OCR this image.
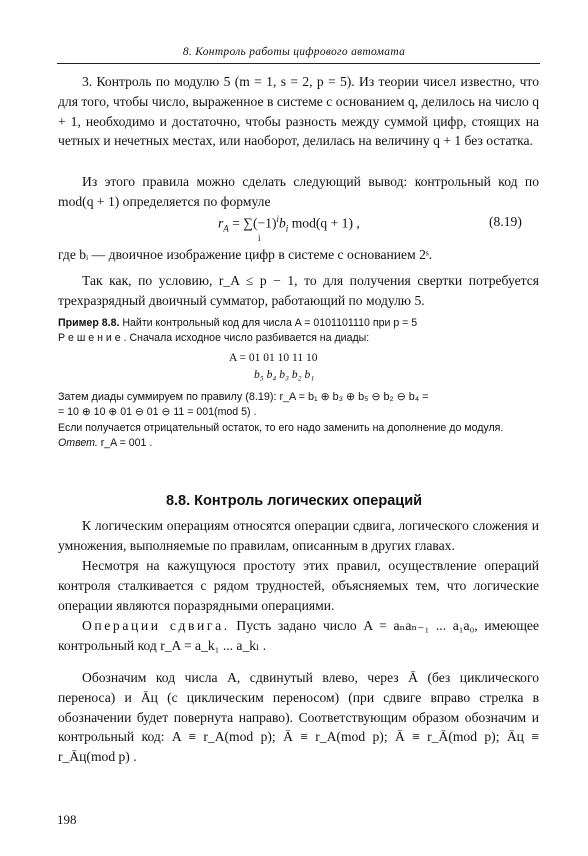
8. Контроль работы цифрового автомата

3. Контроль по модулю 5 (m = 1, s = 2, p = 5). Из теории чисел известно, что для того, чтобы число, выраженное в системе с основанием q, делилось на число q + 1, необходимо и достаточно, чтобы разность между суммой цифр, стоящих на четных и нечетных местах, или наоборот, делилась на величину q + 1 без остатка.

Из этого правила можно сделать следующий вывод: контрольный код по mod(q + 1) определяется по формуле

$r_A = \sum(-1)^ib_i$ mod(q + 1) ,
i
(8.19)

где bᵢ — двоичное изображение цифр в системе с основанием 2ˢ.

Так как, по условию, r_A ≤ p − 1, то для получения свертки потребуется трехразрядный двоичный сумматор, работающий по модулю 5.

Пример 8.8. Найти контрольный код для числа A = 0101101110 при p = 5

Р е ш е н и е . Сначала исходное число разбивается на диады:

A = 01 01 10 11 10
b₅ b₄ b₃ b₂ b₁

Затем диады суммируем по правилу (8.19): r_A = b₁ ⊕ b₃ ⊕ b₅ ⊖ b₂ ⊖ b₄ =

= 10 ⊕ 10 ⊕ 01 ⊖ 01 ⊖ 11 = 001(mod 5) .

Если получается отрицательный остаток, то его надо заменить на дополнение до модуля.

Ответ. r_A = 001 .

8.8. Контроль логических операций

К логическим операциям относятся операции сдвига, логического сложения и умножения, выполняемые по правилам, описанным в других главах.

Несмотря на кажущуюся простоту этих правил, осуществление операций контроля сталкивается с рядом трудностей, объясняемых тем, что логические операции являются поразрядными операциями.

Операции сдвига. Пусть задано число A = aₙaₙ₋₁ ... a₁a₀, имеющее контрольный код r_A = a_k₁ ... a_kₗ .

Обозначим код числа A, сдвинутый влево, через Ā (без циклического переноса) и Āц (с циклическим переносом) (при сдвиге вправо стрелка в обозначении будет повернута направо). Соответствующим образом обозначим и контрольный код: A ≡ r_A(mod p); Ā ≡ r_A(mod p); Ā ≡ r_Ā(mod p); Āц ≡ r_Āц(mod p) .

198
